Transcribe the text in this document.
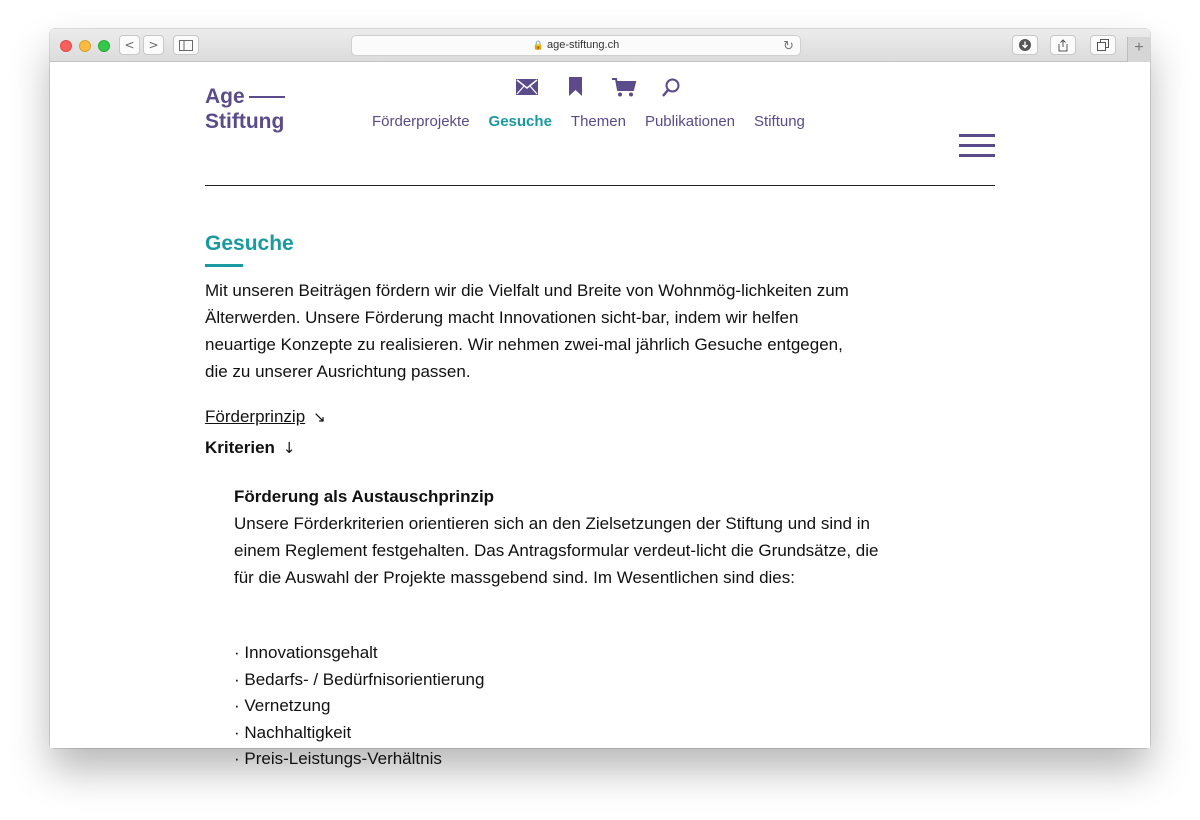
<	>	🔒 age-stiftung.ch	↻	+
Age
Stiftung	Förderprojekte Gesuche Themen Publikationen Stiftung
Gesuche
Mit unseren Beiträgen fördern wir die Vielfalt und Breite von Wohnmög-lichkeiten zum Älterwerden. Unsere Förderung macht Innovationen sicht-bar, indem wir helfen neuartige Konzepte zu realisieren. Wir nehmen zwei-mal jährlich Gesuche entgegen, die zu unserer Ausrichtung passen.
Förderprinzip ↘
Kriterien ↓
Förderung als Austauschprinzip
Unsere Förderkriterien orientieren sich an den Zielsetzungen der Stiftung und sind in einem Reglement festgehalten. Das Antragsformular verdeut-licht die Grundsätze, die für die Auswahl der Projekte massgebend sind. Im Wesentlichen sind dies:
· Innovationsgehalt
· Bedarfs- / Bedürfnisorientierung
· Vernetzung
· Nachhaltigkeit
· Preis-Leistungs-Verhältnis
